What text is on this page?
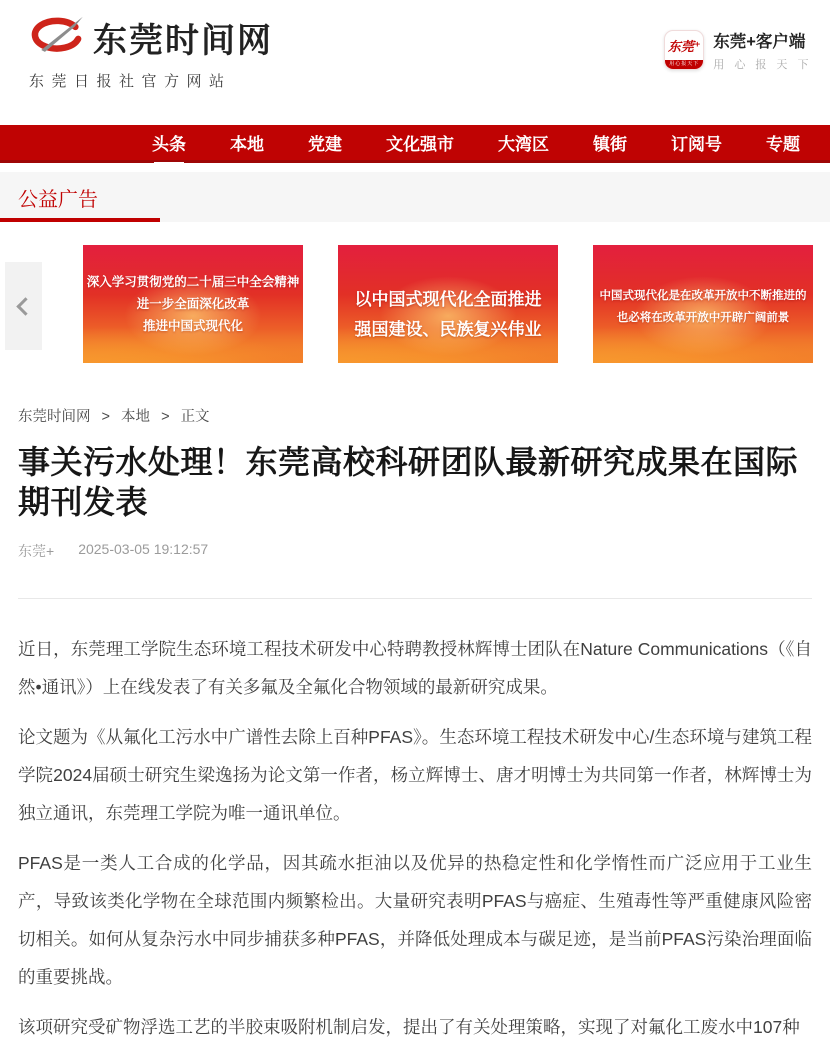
东莞时间网
东莞日报社官方网站
东莞⁺
用心报天下
东莞+客户端
用 心 报 天 下
头条	本地	党建	文化强市	大湾区	镇街	订阅号	专题
公益广告
深入学习贯彻党的二十届三中全会精神
进一步全面深化改革
推进中国式现代化
以中国式现代化全面推进
强国建设、民族复兴伟业
中国式现代化是在改革开放中不断推进的
也必将在改革开放中开辟广阔前景
东莞时间网 > 本地 > 正文
事关污水处理！东莞高校科研团队最新研究成果在国际期刊发表
东莞+ 2025-03-05 19:12:57

近日，东莞理工学院生态环境工程技术研发中心特聘教授林辉博士团队在Nature Communications（《自然•通讯》）上在线发表了有关多氟及全氟化合物领域的最新研究成果。

论文题为《从氟化工污水中广谱性去除上百种PFAS》。生态环境工程技术研发中心/生态环境与建筑工程学院2024届硕士研究生梁逸扬为论文第一作者，杨立辉博士、唐才明博士为共同第一作者，林辉博士为独立通讯，东莞理工学院为唯一通讯单位。

PFAS是一类人工合成的化学品，因其疏水拒油以及优异的热稳定性和化学惰性而广泛应用于工业生产，导致该类化学物在全球范围内频繁检出。大量研究表明PFAS与癌症、生殖毒性等严重健康风险密切相关。如何从复杂污水中同步捕获多种PFAS，并降低处理成本与碳足迹，是当前PFAS污染治理面临的重要挑战。

该项研究受矿物浮选工艺的半胶束吸附机制启发，提出了有关处理策略，实现了对氟化工废水中107种
